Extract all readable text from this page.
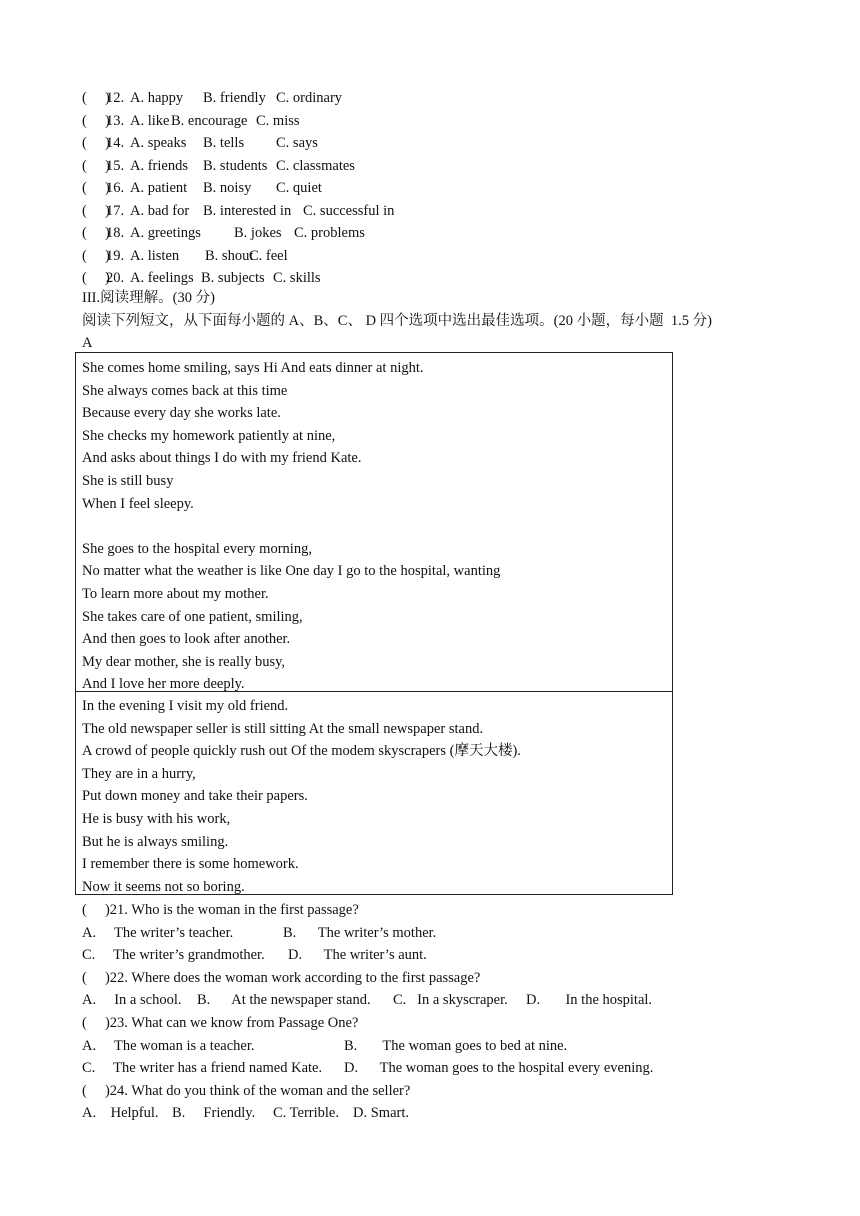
(     )
12. A. happy B. friendly C. ordinary
(     )
13. A. like B. encourage C. miss
(     )
14. A. speaks B. tells C. says
(     )
15. A. friends B. students C. classmates
(     )
16. A. patient B. noisy C. quiet
(     )
17. A. bad for B. interested in C. successful in
(     )
18. A. greetings B. jokes C. problems
(     )
19. A. listen B. shout
C. feel
(     )
20. A. feelings B. subjects C. skills
III.阅读理解。(30 分)
阅读下列短文，从下面每小题的 A、B、C、 D 四个选项中选出最佳选项。(20 小题，每小题  1.5 分)
A
She comes home smiling, says Hi And eats dinner at night.
She always comes back at this time
Because every day she works late.
She checks my homework patiently at nine,
And asks about things I do with my friend Kate.
She is still busy
When I feel sleepy.
She goes to the hospital every morning,
No matter what the weather is like One day I go to the hospital, wanting
To learn more about my mother.
She takes care of one patient, smiling,
And then goes to look after another.
My dear mother, she is really busy,
And I love her more deeply.
In the evening I visit my old friend.
The old newspaper seller is still sitting At the small newspaper stand.
A crowd of people quickly rush out Of the modem skyscrapers (摩天大楼).
They are in a hurry,
Put down money and take their papers.
He is busy with his work,
But he is always smiling.
I remember there is some homework.
Now it seems not so boring.
(     )21. Who is the woman in the first passage?
A.     The writer’s teacher.	B.      The writer’s mother.
C.     The writer’s grandmother. D.      The writer’s aunt.
(     )22. Where does the woman work according to the first passage?
A.     In a school. B.      At the newspaper stand. C.   In a skyscraper. D.       In the hospital.
(     )23. What can we know from Passage One?
A.     The woman is a teacher.	B.       The woman goes to bed at nine.
C.     The writer has a friend named Kate. D.      The woman goes to the hospital every evening.
(     )24. What do you think of the woman and the seller?
A.    Helpful. B.     Friendly. C. Terrible. D. Smart.
